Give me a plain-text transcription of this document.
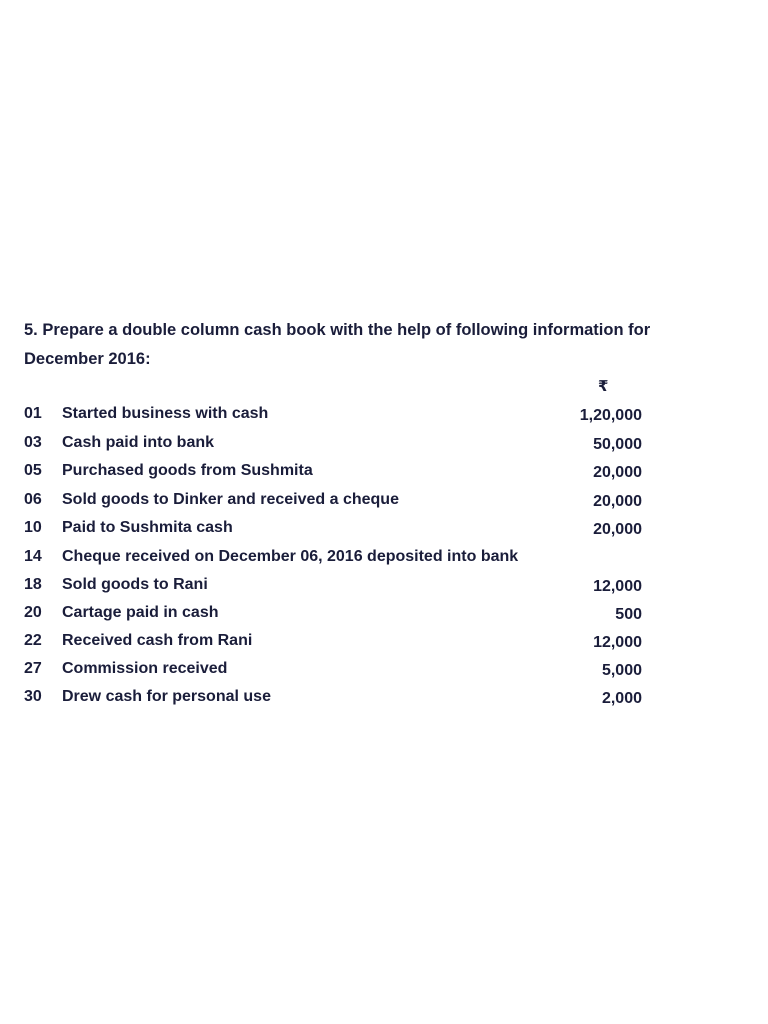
5. Prepare a double column cash book with the help of following information for December 2016:
₹
01 Started business with cash	1,20,000
03 Cash paid into bank	50,000
05 Purchased goods from Sushmita	20,000
06 Sold goods to Dinker and received a cheque	20,000
10 Paid to Sushmita cash	20,000
14 Cheque received on December 06, 2016 deposited into bank
18 Sold goods to Rani	12,000
20 Cartage paid in cash	500
22 Received cash from Rani	12,000
27 Commission received	5,000
30 Drew cash for personal use	2,000
